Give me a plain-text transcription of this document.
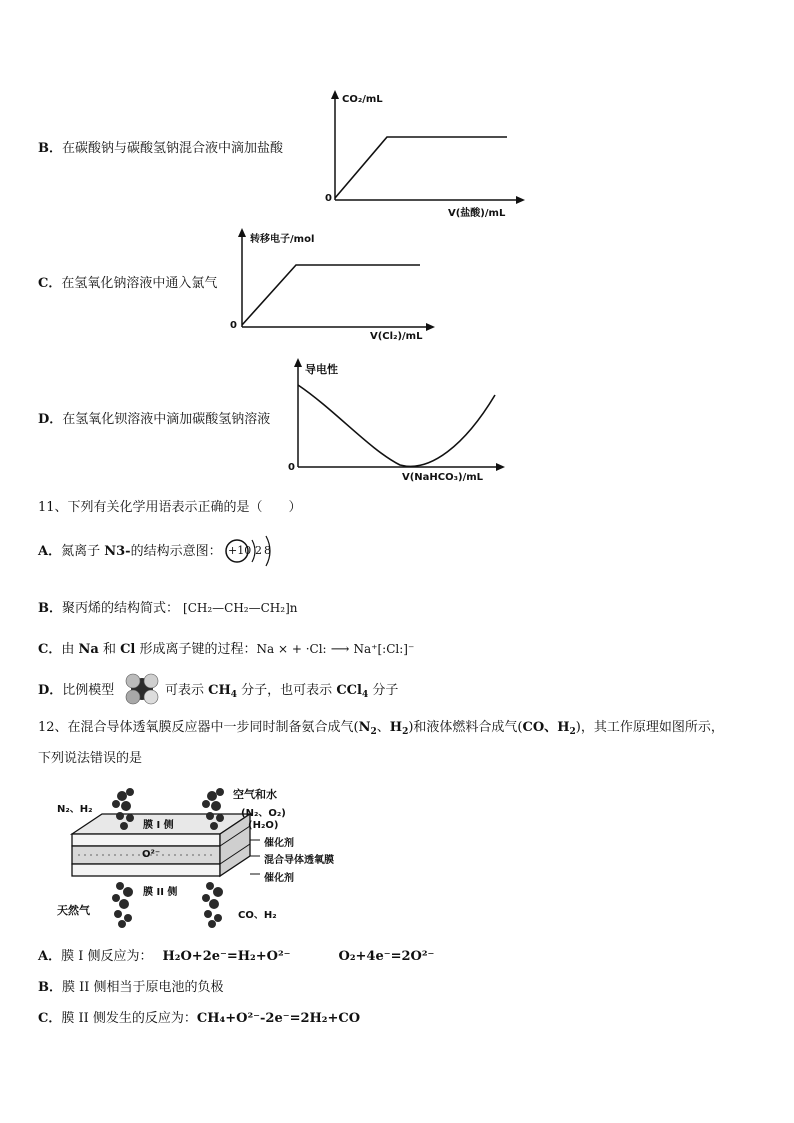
B．在碳酸钠与碳酸氢钠混合液中滴加盐酸
CO₂/mL
V(盐酸)/mL
0
C．在氢氧化钠溶液中通入氯气
转移电子/mol
V(Cl₂)/mL
0
D．在氢氧化钡溶液中滴加碳酸氢钠溶液
导电性
V(NaHCO₃)/mL
0
11、下列有关化学用语表示正确的是（　　）
A．氮离子 N3-的结构示意图： +10 2 8
B．聚丙烯的结构简式： [CH₂—CH₂—CH₂]n
C．由 Na 和 Cl 形成离子键的过程：Na × + ·Cl: ⟶ Na⁺[:Cl:]⁻
D．比例模型	可表示 $CH_4$ 分子，也可表示 CCl$_4$ 分子
12、在混合导体透氧膜反应器中一步同时制备氨合成气($N_2$、$H_2$)和液体燃料合成气(CO、$H_2$)，其工作原理如图所示，
下列说法错误的是
N₂、H₂
空气和水
(N₂、O₂)
(H₂O)
膜 I 侧
催化剂
O²⁻
混合导体透氧膜
催化剂
膜 II 侧
天然气	CO、H₂
A．膜 I 侧反应为： H₂O+2e⁻=H₂+O²⁻	O₂+4e⁻=2O²⁻
B．膜 II 侧相当于原电池的负极
C．膜 II 侧发生的反应为：CH₄+O²⁻-2e⁻=2H₂+CO
